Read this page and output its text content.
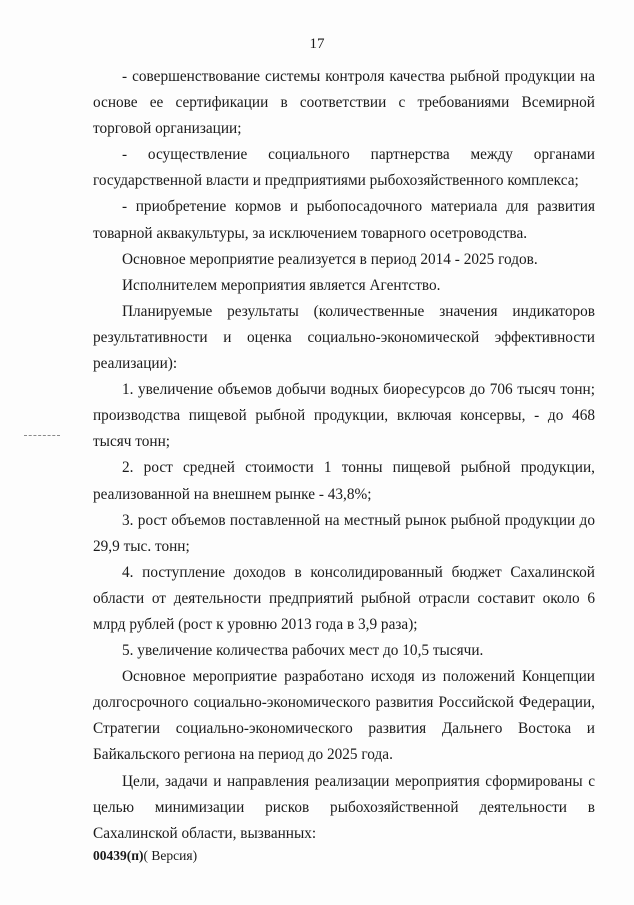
17

- совершенствование системы контроля качества рыбной продукции на основе ее сертификации в соответствии с требованиями Всемирной торговой организации;

- осуществление социального партнерства между органами государственной власти и предприятиями рыбохозяйственного комплекса;

- приобретение кормов и рыбопосадочного материала для развития товарной аквакультуры, за исключением товарного осетроводства.

Основное мероприятие реализуется в период 2014 - 2025 годов.

Исполнителем мероприятия является Агентство.

Планируемые результаты (количественные значения индикаторов результативности и оценка социально-экономической эффективности реализации):

1. увеличение объемов добычи водных биоресурсов до 706 тысяч тонн; производства пищевой рыбной продукции, включая консервы, - до 468 тысяч тонн;

2. рост средней стоимости 1 тонны пищевой рыбной продукции, реализованной на внешнем рынке - 43,8%;

3. рост объемов поставленной на местный рынок рыбной продукции до 29,9 тыс. тонн;

4. поступление доходов в консолидированный бюджет Сахалинской области от деятельности предприятий рыбной отрасли составит около 6 млрд рублей (рост к уровню 2013 года в 3,9 раза);

5. увеличение количества рабочих мест до 10,5 тысячи.

Основное мероприятие разработано исходя из положений Концепции долгосрочного социально-экономического развития Российской Федерации, Стратегии социально-экономического развития Дальнего Востока и Байкальского региона на период до 2025 года.

Цели, задачи и направления реализации мероприятия сформированы с целью минимизации рисков рыбохозяйственной деятельности в Сахалинской области, вызванных:

00439(п)( Версия)
